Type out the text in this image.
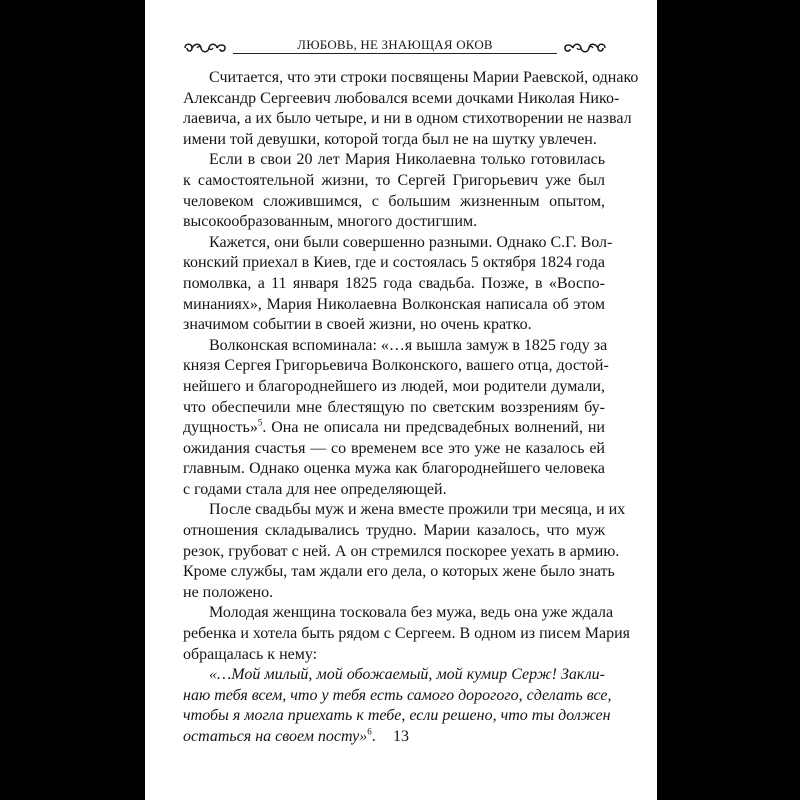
ЛЮБОВЬ, НЕ ЗНАЮЩАЯ ОКОВ

Считается, что эти строки посвящены Марии Раевской, однако
Александр Сергеевич любовался всеми дочками Николая Нико-
лаевича, а их было четыре, и ни в одном стихотворении не назвал
имени той девушки, которой тогда был не на шутку увлечен.

Если в свои 20 лет Мария Николаевна только готовилась
к самостоятельной жизни, то Сергей Григорьевич уже был
человеком сложившимся, с большим жизненным опытом,
высокообразованным, многого достигшим.

Кажется, они были совершенно разными. Однако С.Г. Вол-
конский приехал в Киев, где и состоялась 5 октября 1824 года
помолвка, а 11 января 1825 года свадьба. Позже, в «Воспо-
минаниях», Мария Николаевна Волконская написала об этом
значимом событии в своей жизни, но очень кратко.

Волконская вспоминала: «…я вышла замуж в 1825 году за
князя Сергея Григорьевича Волконского, вашего отца, достой-
нейшего и благороднейшего из людей, мои родители думали,
что обеспечили мне блестящую по светским воззрениям бу-
дущность»$^5$. Она не описала ни предсвадебных волнений, ни
ожидания счастья — со временем все это уже не казалось ей
главным. Однако оценка мужа как благороднейшего человека
с годами стала для нее определяющей.

После свадьбы муж и жена вместе прожили три месяца, и их
отношения складывались трудно. Марии казалось, что муж
резок, грубоват с ней. А он стремился поскорее уехать в армию.
Кроме службы, там ждали его дела, о которых жене было знать
не положено.

Молодая женщина тосковала без мужа, ведь она уже ждала
ребенка и хотела быть рядом с Сергеем. В одном из писем Мария
обращалась к нему:

«…Мой милый, мой обожаемый, мой кумир Серж! Закли-
наю тебя всем, что у тебя есть самого дорогого, сделать все,
чтобы я могла приехать к тебе, если решено, что ты должен
остаться на своем посту»$^6$.	13
